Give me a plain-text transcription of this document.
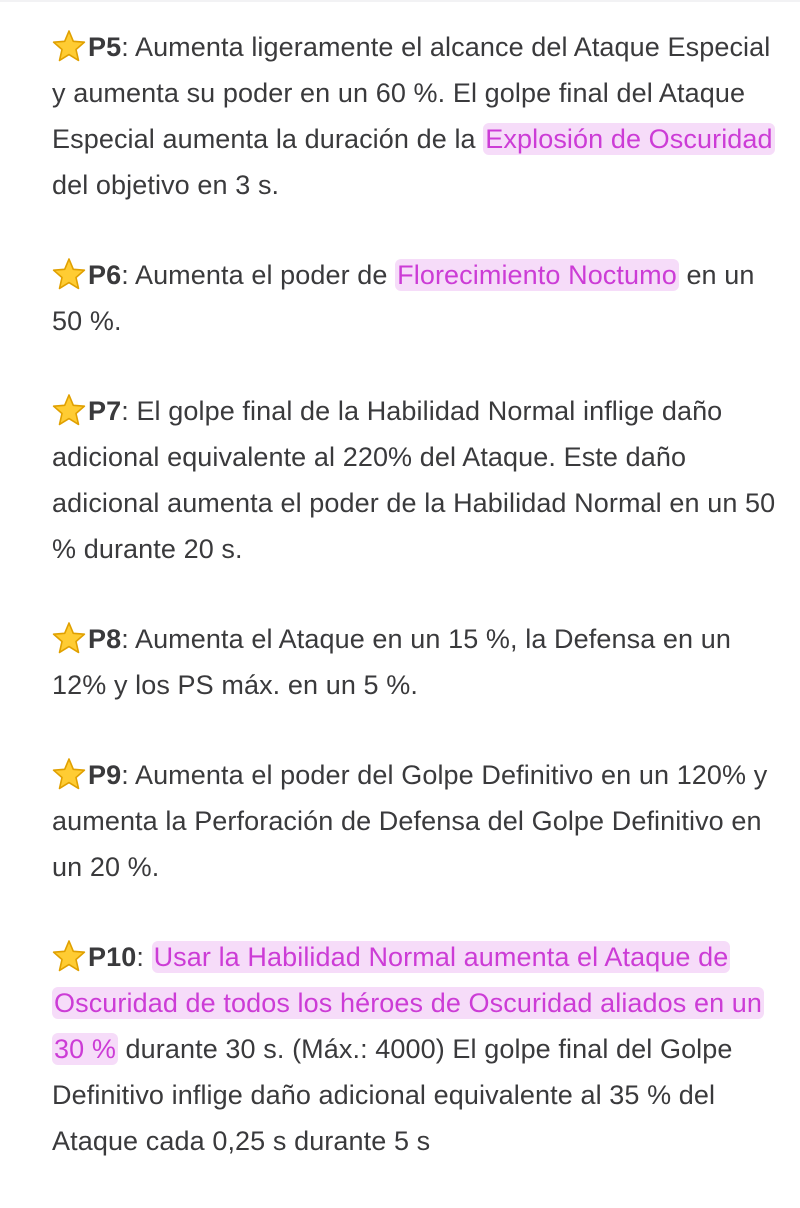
P5: Aumenta ligeramente el alcance del Ataque Especial y aumenta su poder en un 60 %. El golpe final del Ataque Especial aumenta la duración de la Explosión de Oscuridad del objetivo en 3 s.

P6: Aumenta el poder de Florecimiento Noctumo en un 50 %.

P7: El golpe final de la Habilidad Normal inflige daño adicional equivalente al 220% del Ataque. Este daño adicional aumenta el poder de la Habilidad Normal en un 50 % durante 20 s.

P8: Aumenta el Ataque en un 15 %, la Defensa en un 12% y los PS máx. en un 5 %.

P9: Aumenta el poder del Golpe Definitivo en un 120% y aumenta la Perforación de Defensa del Golpe Definitivo en un 20 %.

P10: Usar la Habilidad Normal aumenta el Ataque de Oscuridad de todos los héroes de Oscuridad aliados en un 30 % durante 30 s. (Máx.: 4000) El golpe final del Golpe Definitivo inflige daño adicional equivalente al 35 % del Ataque cada 0,25 s durante 5 s
